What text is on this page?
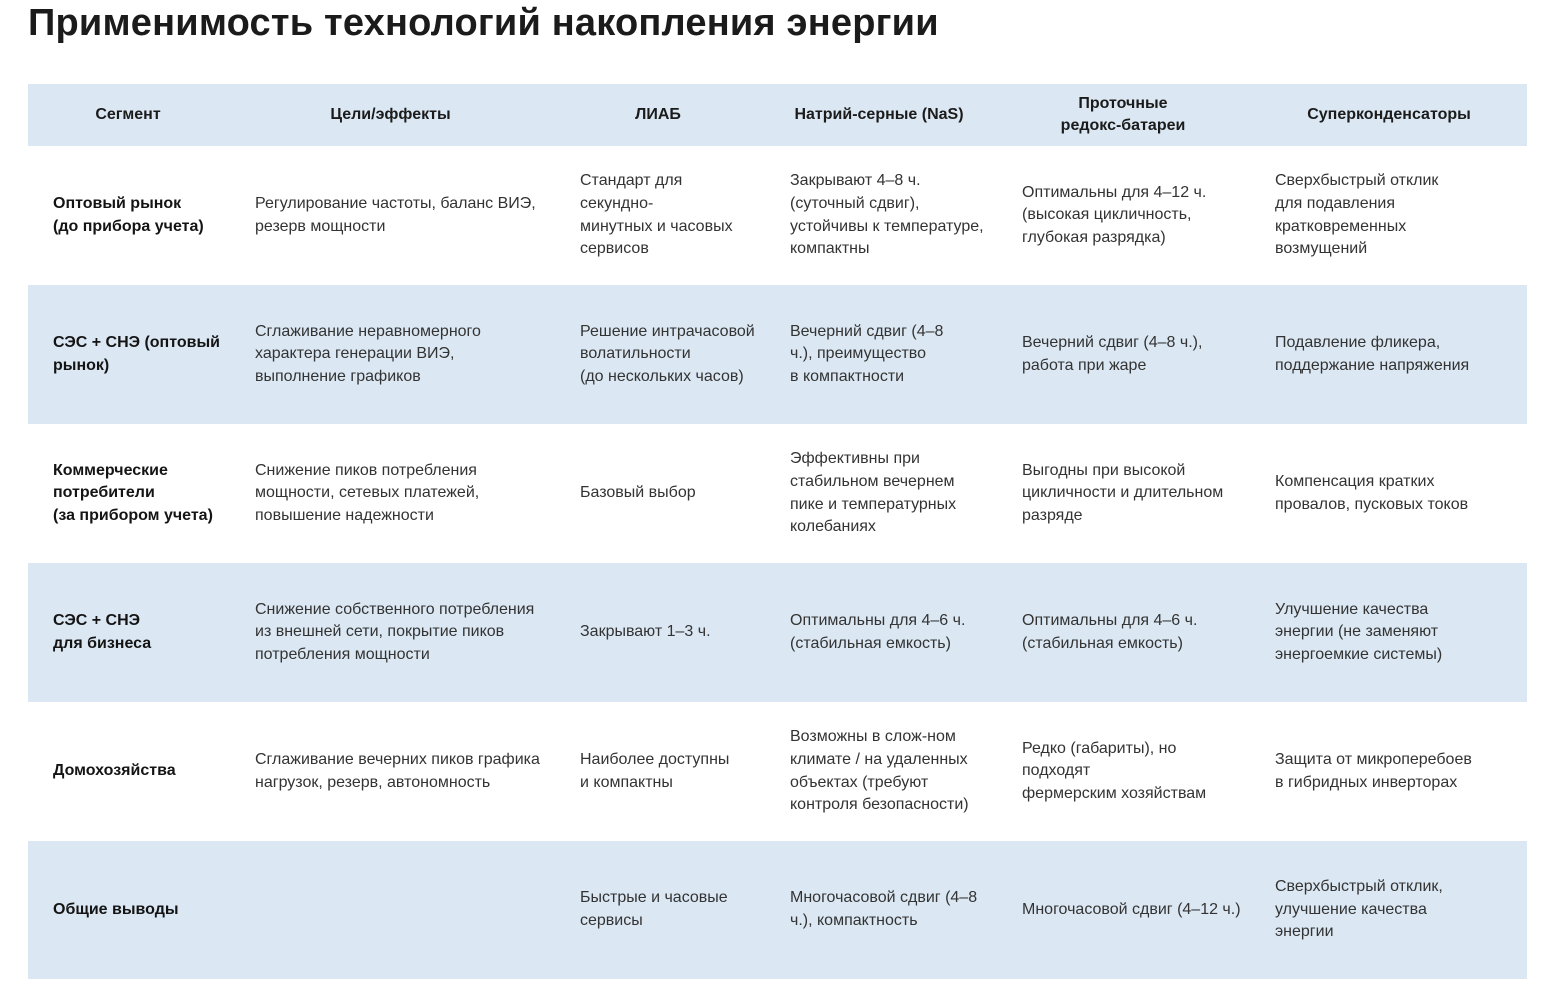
Применимость технологий накопления энергии
Сегмент	Цели/эффекты	ЛИАБ	Натрий-серные (NaS)	Проточные
редокс-батареи	Суперконденсаторы
Оптовый рынок
(до прибора учета)	Регулирование частоты, баланс ВИЭ,
резерв мощности	Стандарт для секундно-
минутных и часовых
сервисов	Закрывают 4–8 ч.
(суточный сдвиг),
устойчивы к температуре,
компактны	Оптимальны для 4–12 ч.
(высокая цикличность,
глубокая разрядка)	Сверхбыстрый отклик
для подавления
кратковременных
возмущений
СЭС + СНЭ (оптовый
рынок)	Сглаживание неравномерного
характера генерации ВИЭ,
выполнение графиков	Решение интрачасовой
волатильности
(до нескольких часов)	Вечерний сдвиг (4–8
ч.), преимущество
в компактности	Вечерний сдвиг (4–8 ч.),
работа при жаре	Подавление фликера,
поддержание напряжения
Коммерческие
потребители
(за прибором учета)	Снижение пиков потребления
мощности, сетевых платежей,
повышение надежности	Базовый выбор	Эффективны при
стабильном вечернем
пике и температурных
колебаниях	Выгодны при высокой
цикличности и длительном
разряде	Компенсация кратких
провалов, пусковых токов
СЭС + СНЭ
для бизнеса	Снижение собственного потребления
из внешней сети, покрытие пиков
потребления мощности	Закрывают 1–3 ч.	Оптимальны для 4–6 ч.
(стабильная емкость)	Оптимальны для 4–6 ч.
(стабильная емкость)	Улучшение качества
энергии (не заменяют
энергоемкие системы)
Домохозяйства	Сглаживание вечерних пиков графика
нагрузок, резерв, автономность	Наиболее доступны
и компактны	Возможны в слож-ном
климате / на удаленных
объектах (требуют
контроля безопасности)	Редко (габариты), но подходят
фермерским хозяйствам	Защита от микроперебоев
в гибридных инверторах
Общие выводы		Быстрые и часовые
сервисы	Многочасовой сдвиг (4–8
ч.), компактность	Многочасовой сдвиг (4–12 ч.)	Сверхбыстрый отклик,
улучшение качества
энергии
